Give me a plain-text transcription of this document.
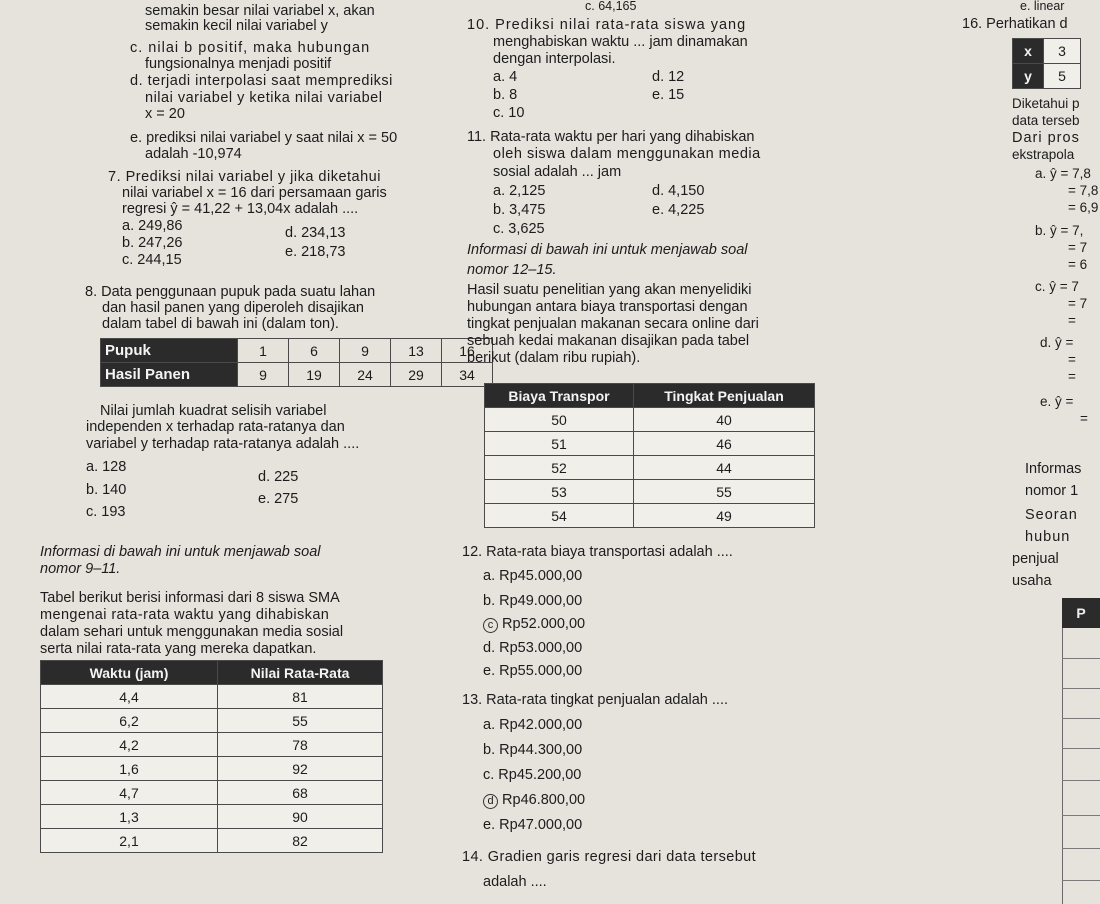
semakin besar nilai variabel x, akan
semakin kecil nilai variabel y
c. nilai b positif, maka hubungan
fungsionalnya menjadi positif
d. terjadi interpolasi saat memprediksi
nilai variabel y ketika nilai variabel
x = 20
e. prediksi nilai variabel y saat nilai x = 50
adalah -10,974
7. Prediksi nilai variabel y jika diketahui
nilai variabel x = 16 dari persamaan garis
regresi ŷ = 41,22 + 13,04x adalah ....
a. 249,86
b. 247,26
c. 244,15
d. 234,13
e. 218,73
8. Data penggunaan pupuk pada suatu lahan
dan hasil panen yang diperoleh disajikan
dalam tabel di bawah ini (dalam ton).
Pupuk	1	6	9	13	16
Hasil Panen	9	19	24	29	34
Nilai jumlah kuadrat selisih variabel
independen x terhadap rata-ratanya dan
variabel y terhadap rata-ratanya adalah ....
a. 128
b. 140
c. 193
d. 225
e. 275
Informasi di bawah ini untuk menjawab soal
nomor 9–11.
Tabel berikut berisi informasi dari 8 siswa SMA
mengenai rata-rata waktu yang dihabiskan
dalam sehari untuk menggunakan media sosial
serta nilai rata-rata yang mereka dapatkan.
Waktu (jam)	Nilai Rata-Rata
4,4	81
6,2	55
4,2	78
1,6	92
4,7	68
1,3	90
2,1	82
c. 64,165
10. Prediksi nilai rata-rata siswa yang
menghabiskan waktu ... jam dinamakan
dengan interpolasi.
a. 4
b. 8
c. 10
d. 12
e. 15
11. Rata-rata waktu per hari yang dihabiskan
oleh siswa dalam menggunakan media
sosial adalah ... jam
a. 2,125
b. 3,475
c. 3,625
d. 4,150
e. 4,225
Informasi di bawah ini untuk menjawab soal
nomor 12–15.
Hasil suatu penelitian yang akan menyelidiki
hubungan antara biaya transportasi dengan
tingkat penjualan makanan secara online dari
sebuah kedai makanan disajikan pada tabel
berikut (dalam ribu rupiah).
Biaya Transpor	Tingkat Penjualan
50	40
51	46
52	44
53	55
54	49
12. Rata-rata biaya transportasi adalah ....
a. Rp45.000,00
b. Rp49.000,00
c Rp52.000,00
d. Rp53.000,00
e. Rp55.000,00
13. Rata-rata tingkat penjualan adalah ....
a. Rp42.000,00
b. Rp44.300,00
c. Rp45.200,00
d Rp46.800,00
e. Rp47.000,00
14. Gradien garis regresi dari data tersebut
adalah ....
e. linear
16. Perhatikan d
x	3
y	5
Diketahui p
data terseb
Dari pros
ekstrapola
a. ŷ = 7,8
= 7,8
= 6,9
b. ŷ = 7,
= 7
= 6
c. ŷ = 7
= 7
=
d. ŷ =
=
=
e. ŷ =
=
Informas
nomor 1
Seoran
hubun
penjual
usaha
P
